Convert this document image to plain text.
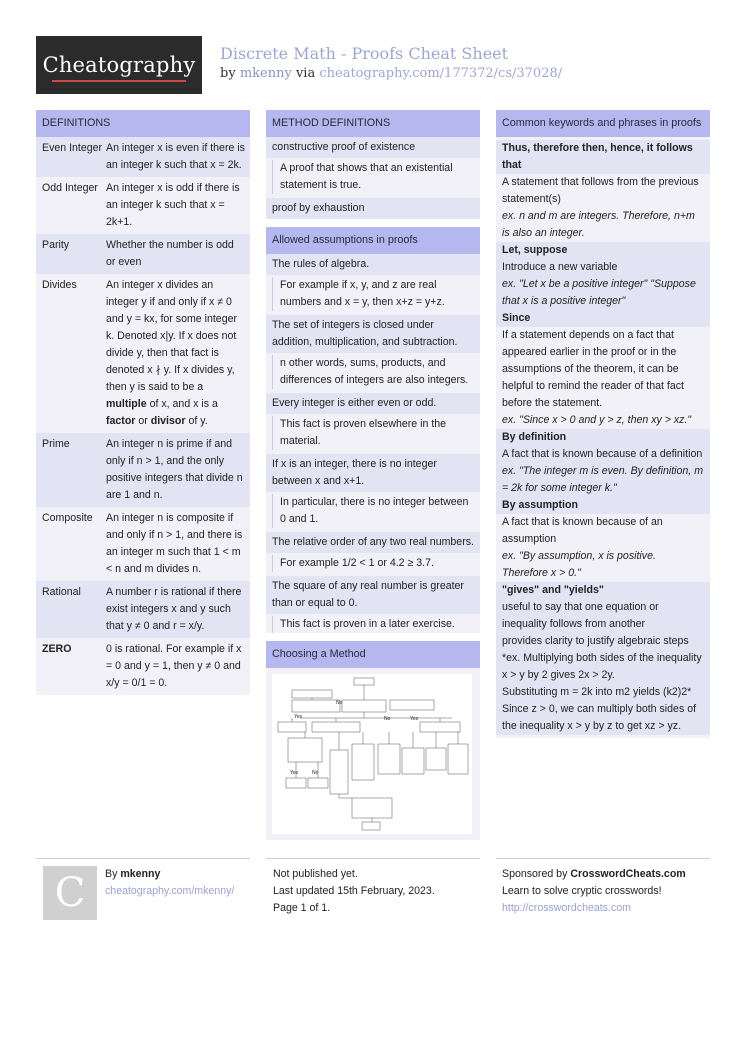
Cheatography Discrete Math - Proofs Cheat Sheet
by mkenny via cheatography.com/177372/cs/37028/
DEFINITIONS
Even Integer An integer x is even if there is an integer k such that x = 2k.
Odd Integer An integer x is odd if there is an integer k such that x = 2k+1.
Parity	Whether the number is odd or even
Divides	An integer x divides an integer y if and only if x ≠ 0 and y = kx, for some integer k. Denoted x|y. If x does not divide y, then that fact is denoted x ∤ y. If x divides y, then y is said to be a multiple of x, and x is a factor or divisor of y.
Prime	An integer n is prime if and only if n > 1, and the only positive integers that divide n are 1 and n.
Composite	An integer n is composite if and only if n > 1, and there is an integer m such that 1 < m < n and m divides n.
Rational	A number r is rational if there exist integers x and y such that y ≠ 0 and r = x/y.
ZERO	0 is rational. For example if x = 0 and y = 1, then y ≠ 0 and x/y = 0/1 = 0.
METHOD DEFINITIONS
constructive proof of existence
A proof that shows that an existential statement is true.
proof by exhaustion
Allowed assumptions in proofs
The rules of algebra.
For example if x, y, and z are real numbers and x = y, then x+z = y+z.
The set of integers is closed under addition, multiplication, and subtraction.
n other words, sums, products, and differences of integers are also integers.
Every integer is either even or odd.
This fact is proven elsewhere in the material.
If x is an integer, there is no integer between x and x+1.
In particular, there is no integer between 0 and 1.
The relative order of any two real numbers.
For example 1/2 < 1 or 4.2 ≥ 3.7.
The square of any real number is greater than or equal to 0.
This fact is proven in a later exercise.
Choosing a Method
Yes
No
No	Yes
Yes	No
Common keywords and phrases in proofs
Thus, therefore then, hence, it follows that
A statement that follows from the previous statement(s)
ex. n and m are integers. Therefore, n+m is also an integer.
Let, suppose
Introduce a new variable
ex. "Let x be a positive integer" "Suppose that x is a positive integer"
Since
If a statement depends on a fact that appeared earlier in the proof or in the assumptions of the theorem, it can be helpful to remind the reader of that fact before the statement.
ex. "Since x > 0 and y > z, then xy > xz."
By definition
A fact that is known because of a definition
ex. "The integer m is even. By definition, m = 2k for some integer k."
By assumption
A fact that is known because of an assumption
ex. "By assumption, x is positive. Therefore x > 0."
"gives" and "yields"
useful to say that one equation or inequality follows from another
provides clarity to justify algebraic steps
*ex. Multiplying both sides of the inequality x > y by 2 gives 2x > 2y.
Substituting m = 2k into m2 yields (k2)2*
Since z > 0, we can multiply both sides of the inequality x > y by z to get xz > yz.
C By mkenny
cheatography.com/mkenny/
Not published yet.
Last updated 15th February, 2023.
Page 1 of 1.
Sponsored by CrosswordCheats.com
Learn to solve cryptic crosswords!
http://crosswordcheats.com
